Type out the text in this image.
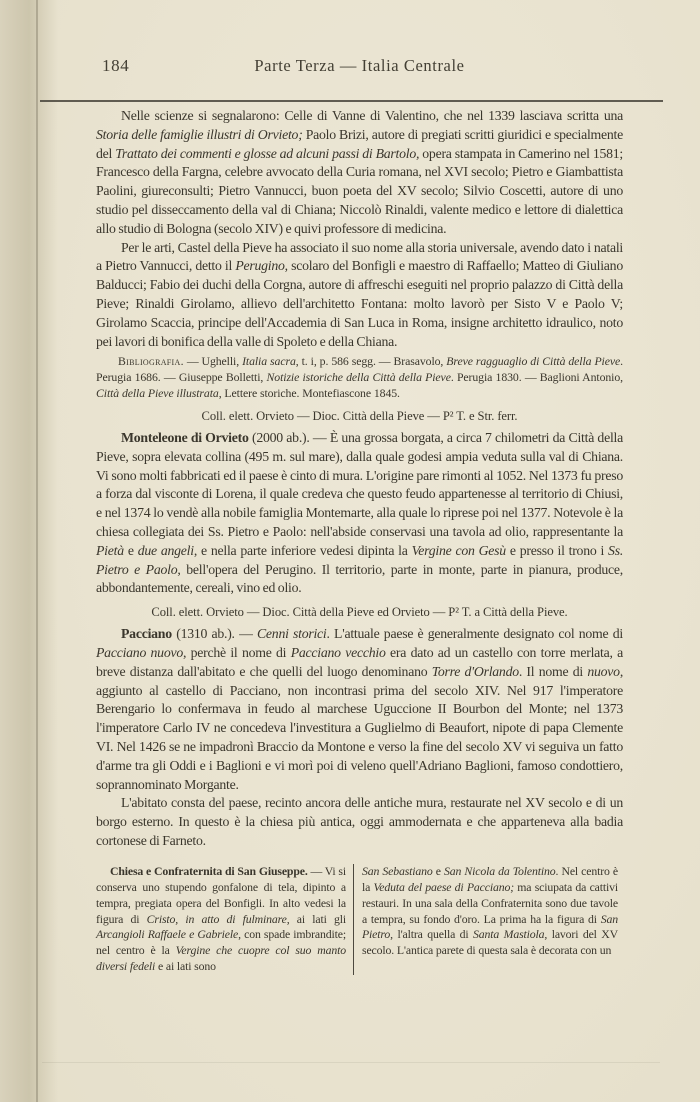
184	Parte Terza — Italia Centrale

Nelle scienze si segnalarono: Celle di Vanne di Valentino, che nel 1339 lasciava scritta una Storia delle famiglie illustri di Orvieto; Paolo Brizi, autore di pregiati scritti giuridici e specialmente del Trattato dei commenti e glosse ad alcuni passi di Bartolo, opera stampata in Camerino nel 1581; Francesco della Fargna, celebre avvocato della Curia romana, nel XVI secolo; Pietro e Giambattista Paolini, giureconsulti; Pietro Vannucci, buon poeta del XV secolo; Silvio Coscetti, autore di uno studio pel disseccamento della val di Chiana; Niccolò Rinaldi, valente medico e lettore di dialettica allo studio di Bologna (secolo XIV) e quivi professore di medicina.

Per le arti, Castel della Pieve ha associato il suo nome alla storia universale, avendo dato i natali a Pietro Vannucci, detto il Perugino, scolaro del Bonfigli e maestro di Raffaello; Matteo di Giuliano Balducci; Fabio dei duchi della Corgna, autore di affreschi eseguiti nel proprio palazzo di Città della Pieve; Rinaldi Girolamo, allievo dell'architetto Fontana: molto lavorò per Sisto V e Paolo V; Girolamo Scaccia, principe dell'Accademia di San Luca in Roma, insigne architetto idraulico, noto pei lavori di bonifica della valle di Spoleto e della Chiana.

Bibliografia. — Ughelli, Italia sacra, t. i, p. 586 segg. — Brasavolo, Breve ragguaglio di Città della Pieve. Perugia 1686. — Giuseppe Bolletti, Notizie istoriche della Città della Pieve. Perugia 1830. — Baglioni Antonio, Città della Pieve illustrata, Lettere storiche. Montefiascone 1845.

Coll. elett. Orvieto — Dioc. Città della Pieve — P² T. e Str. ferr.

Monteleone di Orvieto (2000 ab.). — È una grossa borgata, a circa 7 chilometri da Città della Pieve, sopra elevata collina (495 m. sul mare), dalla quale godesi ampia veduta sulla val di Chiana. Vi sono molti fabbricati ed il paese è cinto di mura. L'origine pare rimonti al 1052. Nel 1373 fu preso a forza dal visconte di Lorena, il quale credeva che questo feudo appartenesse al territorio di Chiusi, e nel 1374 lo vendè alla nobile famiglia Montemarte, alla quale lo riprese poi nel 1377. Notevole è la chiesa collegiata dei Ss. Pietro e Paolo: nell'abside conservasi una tavola ad olio, rappresentante la Pietà e due angeli, e nella parte inferiore vedesi dipinta la Vergine con Gesù e presso il trono i Ss. Pietro e Paolo, bell'opera del Perugino. Il territorio, parte in monte, parte in pianura, produce, abbondantemente, cereali, vino ed olio.

Coll. elett. Orvieto — Dioc. Città della Pieve ed Orvieto — P² T. a Città della Pieve.

Pacciano (1310 ab.). — Cenni storici. L'attuale paese è generalmente designato col nome di Pacciano nuovo, perchè il nome di Pacciano vecchio era dato ad un castello con torre merlata, a breve distanza dall'abitato e che quelli del luogo denominano Torre d'Orlando. Il nome di nuovo, aggiunto al castello di Pacciano, non incontrasi prima del secolo XIV. Nel 917 l'imperatore Berengario lo confermava in feudo al marchese Uguccione II Bourbon del Monte; nel 1373 l'imperatore Carlo IV ne concedeva l'investitura a Guglielmo di Beaufort, nipote di papa Clemente VI. Nel 1426 se ne impadronì Braccio da Montone e verso la fine del secolo XV vi seguiva un fatto d'arme tra gli Oddi e i Baglioni e vi morì poi di veleno quell'Adriano Baglioni, famoso condottiero, soprannominato Morgante.

L'abitato consta del paese, recinto ancora delle antiche mura, restaurate nel XV secolo e di un borgo esterno. In questo è la chiesa più antica, oggi ammodernata e che apparteneva alla badia cortonese di Farneto.

Chiesa e Confraternita di San Giuseppe. — Vi si conserva uno stupendo gonfalone di tela, dipinto a tempra, pregiata opera del Bonfigli. In alto vedesi la figura di Cristo, in atto di fulminare, ai lati gli Arcangioli Raffaele e Gabriele, con spade imbrandite; nel centro è la Vergine che cuopre col suo manto diversi fedeli e ai lati sono

San Sebastiano e San Nicola da Tolentino. Nel centro è la Veduta del paese di Pacciano; ma sciupata da cattivi restauri. In una sala della Confraternita sono due tavole a tempra, su fondo d'oro. La prima ha la figura di San Pietro, l'altra quella di Santa Mastiola, lavori del XV secolo. L'antica parete di questa sala è decorata con un
